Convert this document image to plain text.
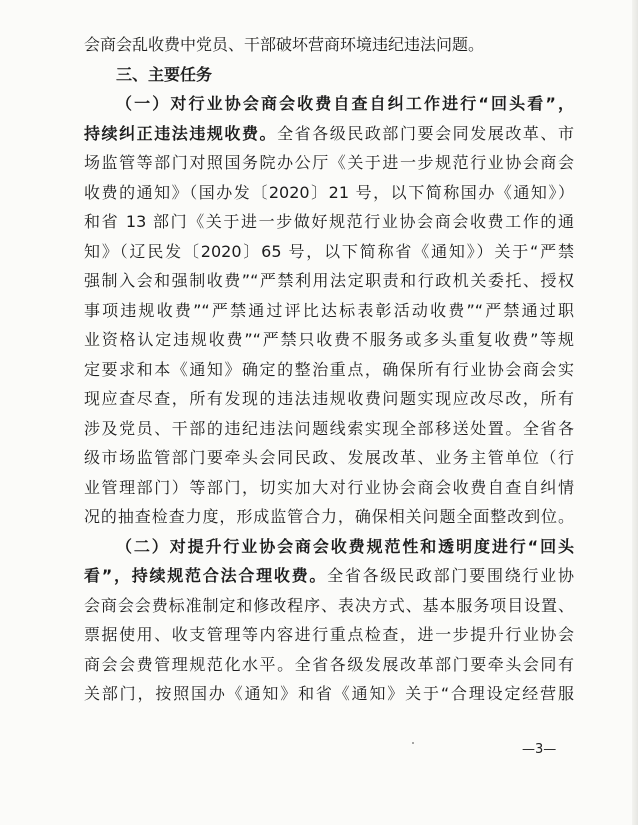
会商会乱收费中党员、干部破坏营商环境违纪违法问题。
三、主要任务
（一）对行业协会商会收费自查自纠工作进行“回头看”，
持续纠正违法违规收费。全省各级民政部门要会同发展改革、市
场监管等部门对照国务院办公厅《关于进一步规范行业协会商会
收费的通知》（国办发〔2020〕21 号，以下简称国办《通知》）
和省 13 部门《关于进一步做好规范行业协会商会收费工作的通
知》（辽民发〔2020〕65 号，以下简称省《通知》）关于“严禁
强制入会和强制收费”“严禁利用法定职责和行政机关委托、授权
事项违规收费”“严禁通过评比达标表彰活动收费”“严禁通过职
业资格认定违规收费”“严禁只收费不服务或多头重复收费”等规
定要求和本《通知》确定的整治重点，确保所有行业协会商会实
现应查尽查，所有发现的违法违规收费问题实现应改尽改，所有
涉及党员、干部的违纪违法问题线索实现全部移送处置。全省各
级市场监管部门要牵头会同民政、发展改革、业务主管单位（行
业管理部门）等部门，切实加大对行业协会商会收费自查自纠情
况的抽查检查力度，形成监管合力，确保相关问题全面整改到位。
（二）对提升行业协会商会收费规范性和透明度进行“回头
看”，持续规范合法合理收费。全省各级民政部门要围绕行业协
会商会会费标准制定和修改程序、表决方式、基本服务项目设置、
票据使用、收支管理等内容进行重点检查，进一步提升行业协会
商会会费管理规范化水平。全省各级发展改革部门要牵头会同有
关部门，按照国办《通知》和省《通知》关于“合理设定经营服
—3—
